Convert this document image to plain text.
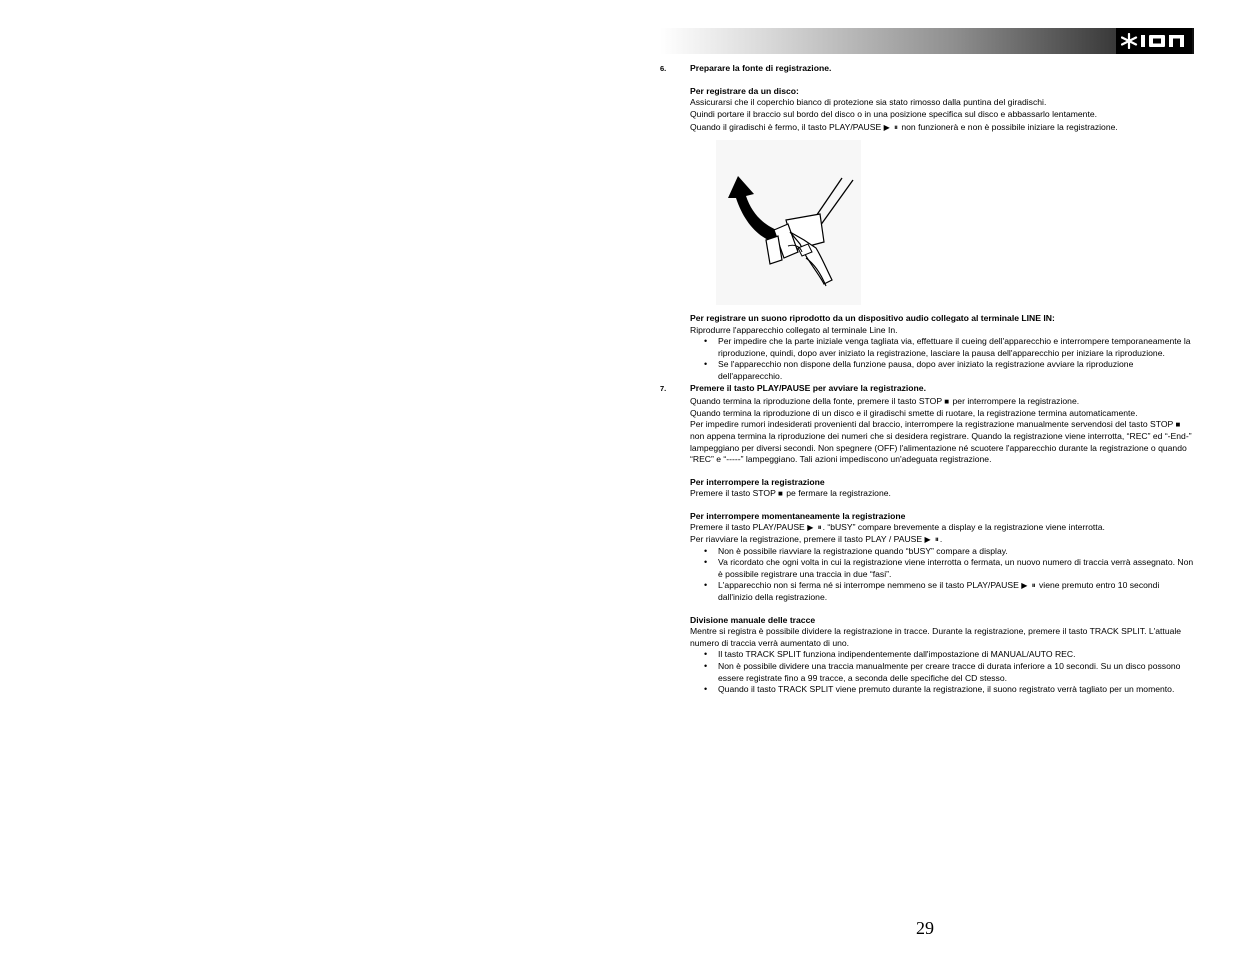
6.	Preparare la fonte di registrazione.

Per registrare da un disco:

Assicurarsi che il coperchio bianco di protezione sia stato rimosso dalla puntina del giradischi.

Quindi portare il braccio sul bordo del disco o in una posizione specifica sul disco e abbassarlo lentamente.

Quando il giradischi è fermo, il tasto PLAY/PAUSE ▶ ⏸ non funzionerà e non è possibile iniziare la registrazione.

Per registrare un suono riprodotto da un dispositivo audio collegato al terminale LINE IN:

Riprodurre l'apparecchio collegato al terminale Line In.

• Per impedire che la parte iniziale venga tagliata via, effettuare il cueing dell'apparecchio e interrompere temporaneamente la riproduzione, quindi, dopo aver iniziato la registrazione, lasciare la pausa dell'apparecchio per iniziare la riproduzione.
• Se l'apparecchio non dispone della funzione pausa, dopo aver iniziato la registrazione avviare la riproduzione dell'apparecchio.
7.	Premere il tasto PLAY/PAUSE per avviare la registrazione.

Quando termina la riproduzione della fonte, premere il tasto STOP ■ per interrompere la registrazione.

Quando termina la riproduzione di un disco e il giradischi smette di ruotare, la registrazione termina automaticamente.

Per impedire rumori indesiderati provenienti dal braccio, interrompere la registrazione manualmente servendosi del tasto STOP ■ non appena termina la riproduzione dei numeri che si desidera registrare. Quando la registrazione viene interrotta, “REC” ed “-End-” lampeggiano per diversi secondi. Non spegnere (OFF) l'alimentazione né scuotere l'apparecchio durante la registrazione o quando “REC” e “-----” lampeggiano. Tali azioni impediscono un'adeguata registrazione.

Per interrompere la registrazione

Premere il tasto STOP ■ pe fermare la registrazione.

Per interrompere momentaneamente la registrazione

Premere il tasto PLAY/PAUSE ▶ ⏸. “bUSY” compare brevemente a display e la registrazione viene interrotta.

Per riavviare la registrazione, premere il tasto PLAY / PAUSE ▶ ⏸.

• Non è possibile riavviare la registrazione quando “bUSY” compare a display.
• Va ricordato che ogni volta in cui la registrazione viene interrotta o fermata, un nuovo numero di traccia verrà assegnato. Non è possibile registrare una traccia in due “fasi”.
• L'apparecchio non si ferma né si interrompe nemmeno se il tasto PLAY/PAUSE ▶ ⏸ viene premuto entro 10 secondi dall'inizio della registrazione.

Divisione manuale delle tracce

Mentre si registra è possibile dividere la registrazione in tracce. Durante la registrazione, premere il tasto TRACK SPLIT. L'attuale numero di traccia verrà aumentato di uno.

• Il tasto TRACK SPLIT funziona indipendentemente dall'impostazione di MANUAL/AUTO REC.
• Non è possibile dividere una traccia manualmente per creare tracce di durata inferiore a 10 secondi. Su un disco possono essere registrate fino a 99 tracce, a seconda delle specifiche del CD stesso.
• Quando il tasto TRACK SPLIT viene premuto durante la registrazione, il suono registrato verrà tagliato per un momento.
29
